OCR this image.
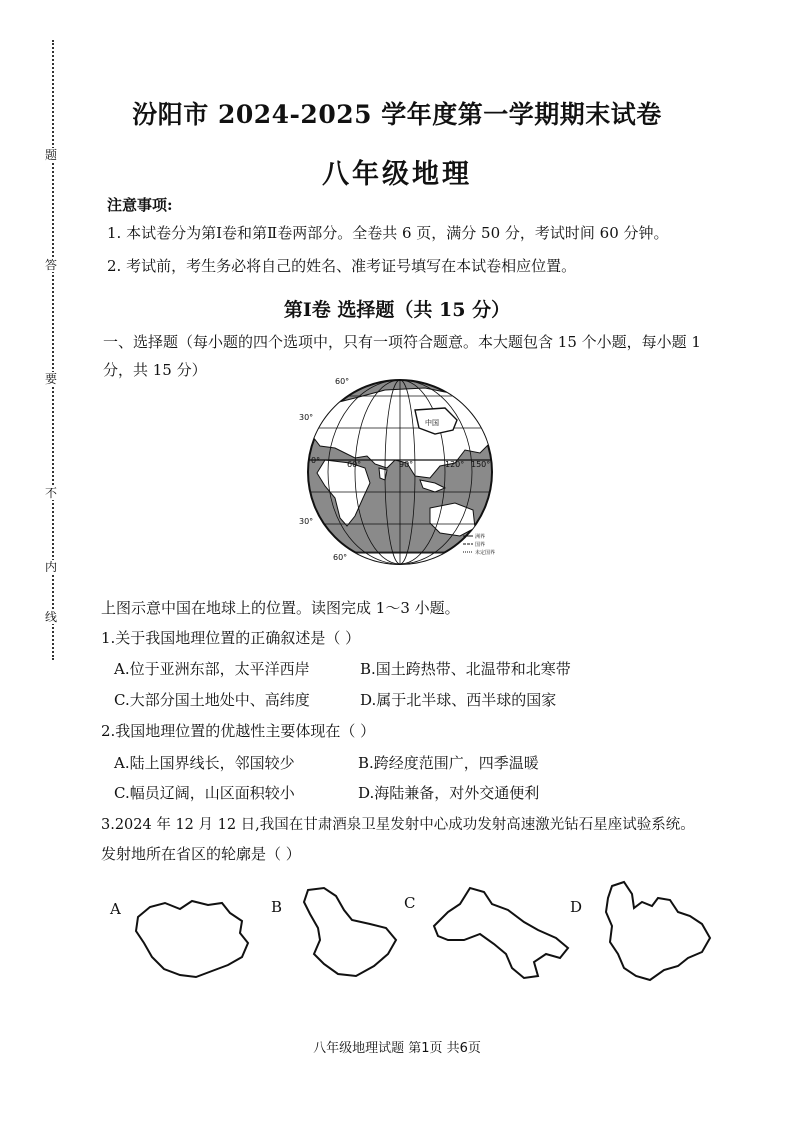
题
答
要
不
内
线
汾阳市 2024-2025 学年度第一学期期末试卷
八年级地理
注意事项:
1. 本试卷分为第Ⅰ卷和第Ⅱ卷两部分。全卷共 6 页，满分 50 分，考试时间 60 分钟。
2. 考试前，考生务必将自己的姓名、准考证号填写在本试卷相应位置。
第Ⅰ卷 选择题（共 15 分）
一、选择题（每小题的四个选项中，只有一项符合题意。本大题包含 15 个小题，每小题 1
分，共 15 分）
中国
60°
30°
0°
30°
60°
60°	90°	120° 150°
洲界
国界
未定国界
上图示意中国在地球上的位置。读图完成 1～3 小题。
1.关于我国地理位置的正确叙述是（ ）
A.位于亚洲东部，太平洋西岸	B.国土跨热带、北温带和北寒带
C.大部分国土地处中、高纬度	D.属于北半球、西半球的国家
2.我国地理位置的优越性主要体现在（ ）
A.陆上国界线长，邻国较少	B.跨经度范围广，四季温暖
C.幅员辽阔，山区面积较小	D.海陆兼备，对外交通便利
3.2024 年 12 月 12 日,我国在甘肃酒泉卫星发射中心成功发射高速激光钻石星座试验系统。
发射地所在省区的轮廓是（ ）
A	B	C	D
八年级地理试题 第1页 共6页
